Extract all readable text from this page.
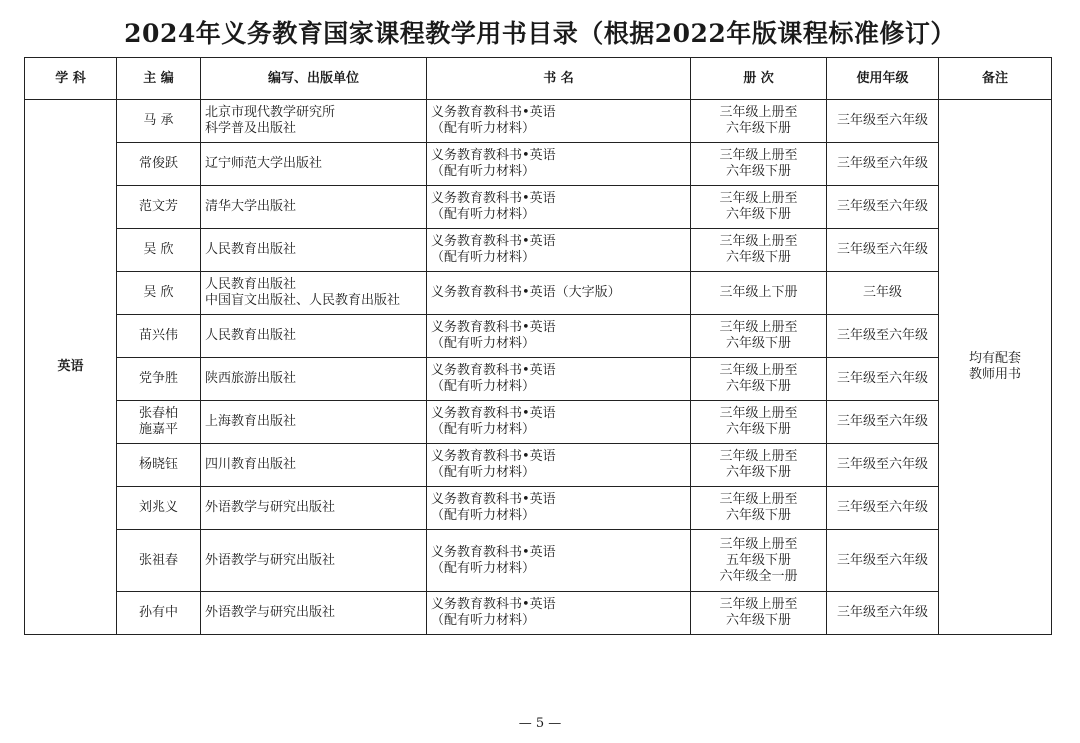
2024年义务教育国家课程教学用书目录（根据2022年版课程标准修订）
学 科	主 编	编写、出版单位	书 名	册 次	使用年级	备注
英语	马 承	北京市现代教学研究所
科学普及出版社	义务教育教科书•英语
（配有听力材料）	三年级上册至
六年级下册	三年级至六年级	均有配套
教师用书

	常俊跃	辽宁师范大学出版社	义务教育教科书•英语
（配有听力材料）	三年级上册至
六年级下册	三年级至六年级	

	范文芳	清华大学出版社	义务教育教科书•英语
（配有听力材料）	三年级上册至
六年级下册	三年级至六年级	

	吴 欣	人民教育出版社	义务教育教科书•英语
（配有听力材料）	三年级上册至
六年级下册	三年级至六年级	

	吴 欣	人民教育出版社
中国盲文出版社、人民教育出版社	义务教育教科书•英语（大字版）	三年级上下册	三年级	

	苗兴伟	人民教育出版社	义务教育教科书•英语
（配有听力材料）	三年级上册至
六年级下册	三年级至六年级	

	党争胜	陕西旅游出版社	义务教育教科书•英语
（配有听力材料）	三年级上册至
六年级下册	三年级至六年级	

	张春柏
施嘉平	上海教育出版社	义务教育教科书•英语
（配有听力材料）	三年级上册至
六年级下册	三年级至六年级	

	杨晓钰	四川教育出版社	义务教育教科书•英语
（配有听力材料）	三年级上册至
六年级下册	三年级至六年级	

	刘兆义	外语教学与研究出版社	义务教育教科书•英语
（配有听力材料）	三年级上册至
六年级下册	三年级至六年级	

	张祖春	外语教学与研究出版社	义务教育教科书•英语
（配有听力材料）	三年级上册至
五年级下册
六年级全一册	三年级至六年级	

	孙有中	外语教学与研究出版社	义务教育教科书•英语
（配有听力材料）	三年级上册至
六年级下册	三年级至六年级	
— 5 —
